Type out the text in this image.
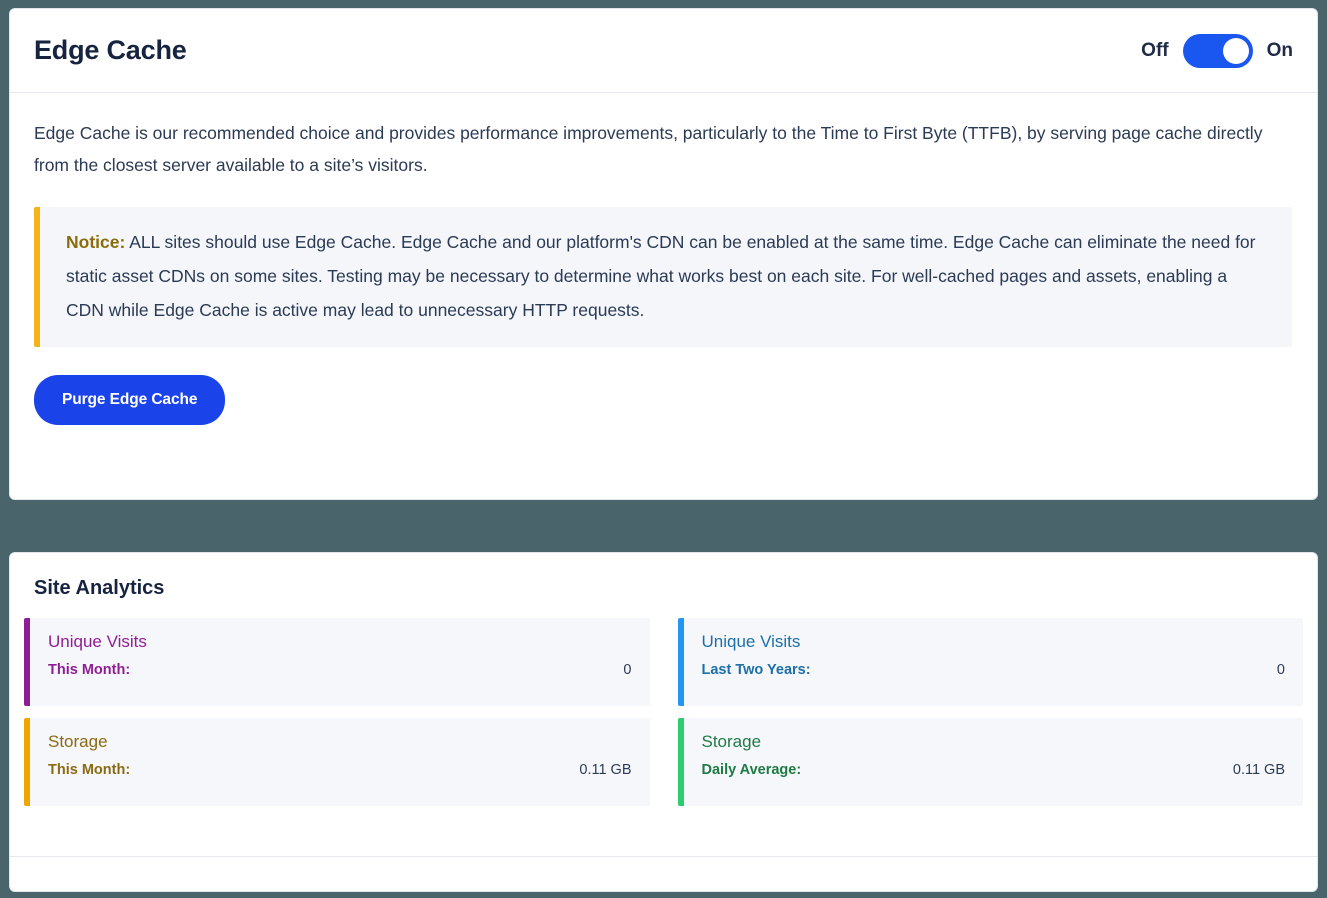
Edge Cache	Off	On

Edge Cache is our recommended choice and provides performance improvements, particularly to the Time to First Byte (TTFB), by serving page cache directly from the closest server available to a site’s visitors.

Notice: ALL sites should use Edge Cache. Edge Cache and our platform's CDN can be enabled at the same time. Edge Cache can eliminate the need for static asset CDNs on some sites. Testing may be necessary to determine what works best on each site. For well-cached pages and assets, enabling a CDN while Edge Cache is active may lead to unnecessary HTTP requests.

Purge Edge Cache
Site Analytics
Unique Visits
This Month:	0
Unique Visits
Last Two Years:	0
Storage
This Month:	0.11 GB
Storage
Daily Average:	0.11 GB
